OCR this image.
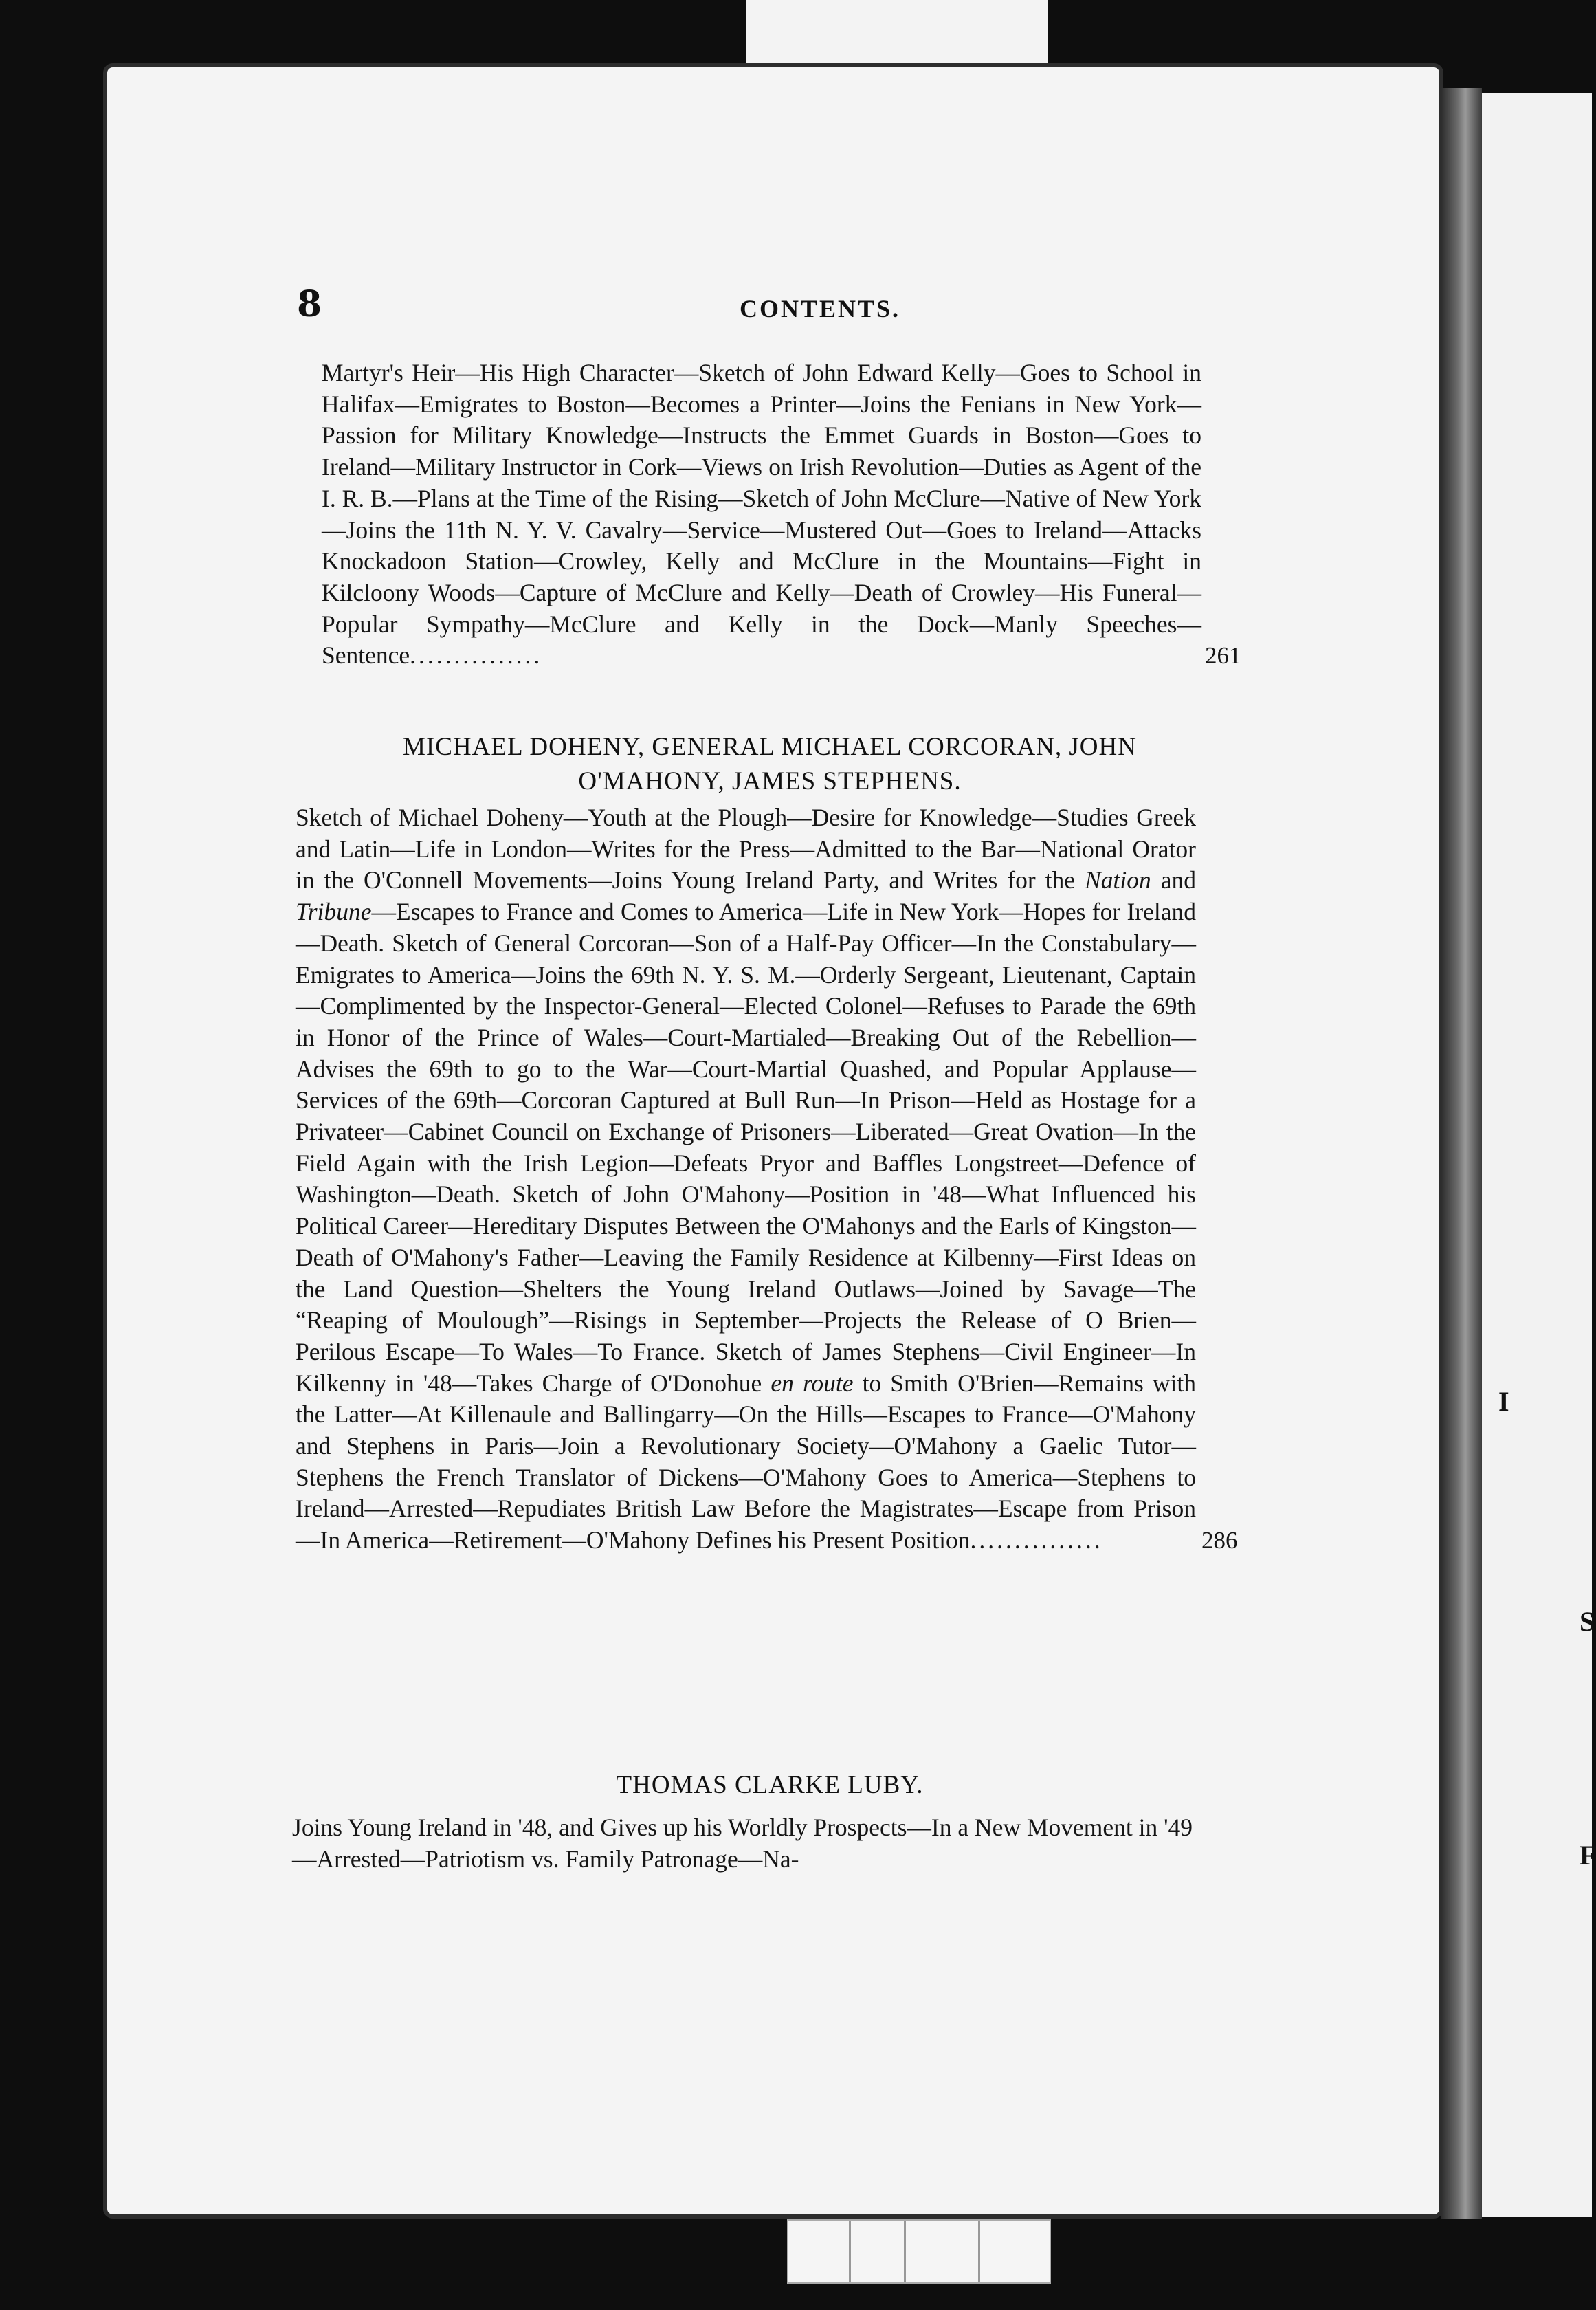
I
S
F
8	CONTENTS.
Martyr's Heir—His High Character—Sketch of John Edward Kelly—Goes to School in Halifax—Emigrates to Boston—Becomes a Printer—Joins the Fenians in New York—Passion for Military Knowledge—Instructs the Emmet Guards in Boston—Goes to Ireland—Military Instructor in Cork—Views on Irish Revolution—Duties as Agent of the I. R. B.—Plans at the Time of the Rising—Sketch of John McClure—Native of New York—Joins the 11th N. Y. V. Cavalry—Service—Mustered Out—Goes to Ireland—Attacks Knockadoon Station—Crowley, Kelly and McClure in the Mountains—Fight in Kilcloony Woods—Capture of McClure and Kelly—Death of Crowley—His Funeral—Popular Sympathy—McClure and Kelly in the Dock—Manly Speeches—Sentence...............	261
MICHAEL DOHENY, GENERAL MICHAEL CORCORAN, JOHN
O'MAHONY, JAMES STEPHENS.
Sketch of Michael Doheny—Youth at the Plough—Desire for Knowledge—Studies Greek and Latin—Life in London—Writes for the Press—Admitted to the Bar—National Orator in the O'Connell Movements—Joins Young Ireland Party, and Writes for the Nation and Tribune—Escapes to France and Comes to America—Life in New York—Hopes for Ireland—Death. Sketch of General Corcoran—Son of a Half-Pay Officer—In the Constabulary—Emigrates to America—Joins the 69th N. Y. S. M.—Orderly Sergeant, Lieutenant, Captain—Complimented by the Inspector-General—Elected Colonel—Refuses to Parade the 69th in Honor of the Prince of Wales—Court-Martialed—Breaking Out of the Rebellion—Advises the 69th to go to the War—Court-Martial Quashed, and Popular Applause—Services of the 69th—Corcoran Captured at Bull Run—In Prison—Held as Hostage for a Privateer—Cabinet Council on Exchange of Prisoners—Liberated—Great Ovation—In the Field Again with the Irish Legion—Defeats Pryor and Baffles Longstreet—Defence of Washington—Death. Sketch of John O'Mahony—Position in '48—What Influenced his Political Career—Hereditary Disputes Between the O'Mahonys and the Earls of Kingston—Death of O'Mahony's Father—Leaving the Family Residence at Kilbenny—First Ideas on the Land Question—Shelters the Young Ireland Outlaws—Joined by Savage—The “Reaping of Moulough”—Risings in September—Projects the Release of O Brien—Perilous Escape—To Wales—To France. Sketch of James Stephens—Civil Engineer—In Kilkenny in '48—Takes Charge of O'Donohue en route to Smith O'Brien—Remains with the Latter—At Killenaule and Ballingarry—On the Hills—Escapes to France—O'Mahony and Stephens in Paris—Join a Revolutionary Society—O'Mahony a Gaelic Tutor—Stephens the French Translator of Dickens—O'Mahony Goes to America—Stephens to Ireland—Arrested—Repudiates British Law Before the Magistrates—Escape from Prison—In America—Retirement—O'Mahony Defines his Present Position...............	286
THOMAS CLARKE LUBY.
Joins Young Ireland in '48, and Gives up his Worldly Prospects—In a New Movement in '49—Arrested—Patriotism vs. Family Patronage—Na-
